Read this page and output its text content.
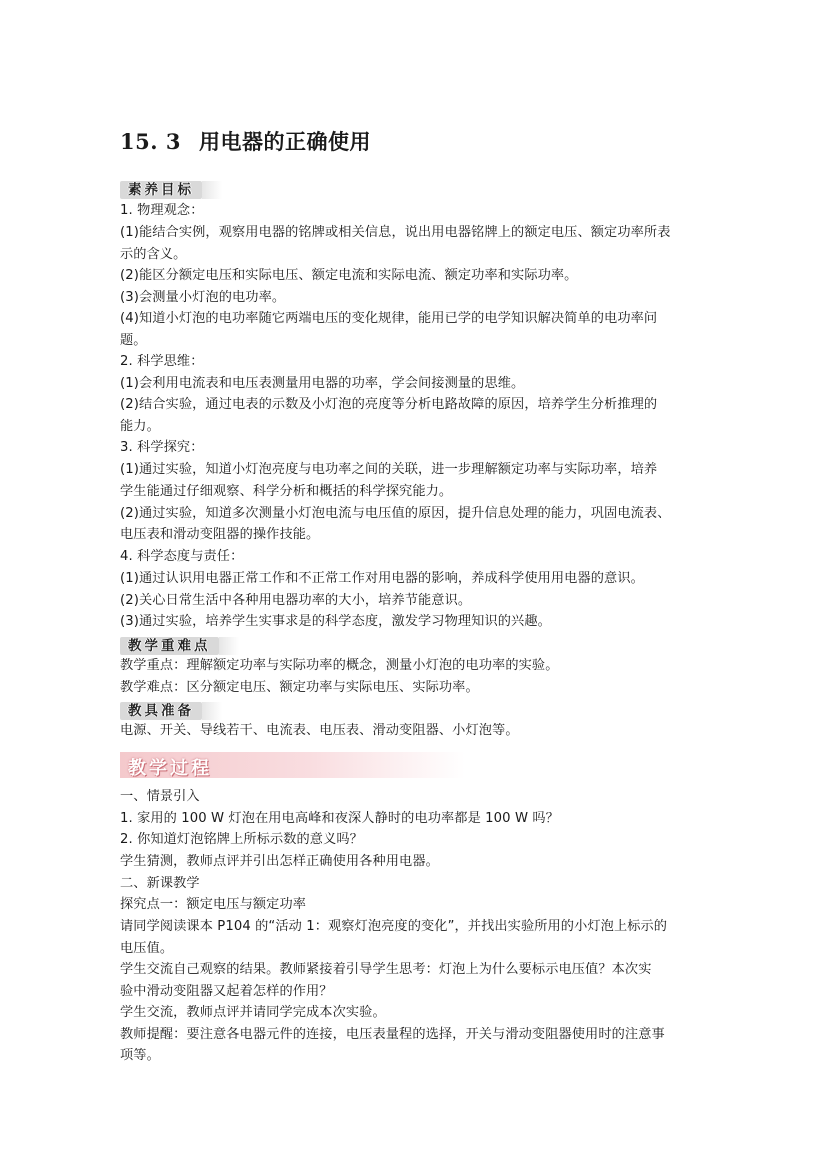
15. 3 用电器的正确使用
素养目标
1. 物理观念：
(1)能结合实例，观察用电器的铭牌或相关信息，说出用电器铭牌上的额定电压、额定功率所表
示的含义。
(2)能区分额定电压和实际电压、额定电流和实际电流、额定功率和实际功率。
(3)会测量小灯泡的电功率。
(4)知道小灯泡的电功率随它两端电压的变化规律，能用已学的电学知识解决简单的电功率问
题。
2. 科学思维：
(1)会利用电流表和电压表测量用电器的功率，学会间接测量的思维。
(2)结合实验，通过电表的示数及小灯泡的亮度等分析电路故障的原因，培养学生分析推理的
能力。
3. 科学探究：
(1)通过实验，知道小灯泡亮度与电功率之间的关联，进一步理解额定功率与实际功率，培养
学生能通过仔细观察、科学分析和概括的科学探究能力。
(2)通过实验，知道多次测量小灯泡电流与电压值的原因，提升信息处理的能力，巩固电流表、
电压表和滑动变阻器的操作技能。
4. 科学态度与责任：
(1)通过认识用电器正常工作和不正常工作对用电器的影响，养成科学使用用电器的意识。
(2)关心日常生活中各种用电器功率的大小，培养节能意识。
(3)通过实验，培养学生实事求是的科学态度，激发学习物理知识的兴趣。
教学重难点
教学重点：理解额定功率与实际功率的概念，测量小灯泡的电功率的实验。
教学难点：区分额定电压、额定功率与实际电压、实际功率。
教具准备
电源、开关、导线若干、电流表、电压表、滑动变阻器、小灯泡等。
教学过程
一、情景引入
1. 家用的 100 W 灯泡在用电高峰和夜深人静时的电功率都是 100 W 吗？
2. 你知道灯泡铭牌上所标示数的意义吗？
学生猜测，教师点评并引出怎样正确使用各种用电器。
二、新课教学
探究点一：额定电压与额定功率
请同学阅读课本 P104 的“活动 1：观察灯泡亮度的变化”，并找出实验所用的小灯泡上标示的
电压值。
学生交流自己观察的结果。教师紧接着引导学生思考：灯泡上为什么要标示电压值？本次实
验中滑动变阻器又起着怎样的作用？
学生交流，教师点评并请同学完成本次实验。
教师提醒：要注意各电器元件的连接，电压表量程的选择，开关与滑动变阻器使用时的注意事
项等。
